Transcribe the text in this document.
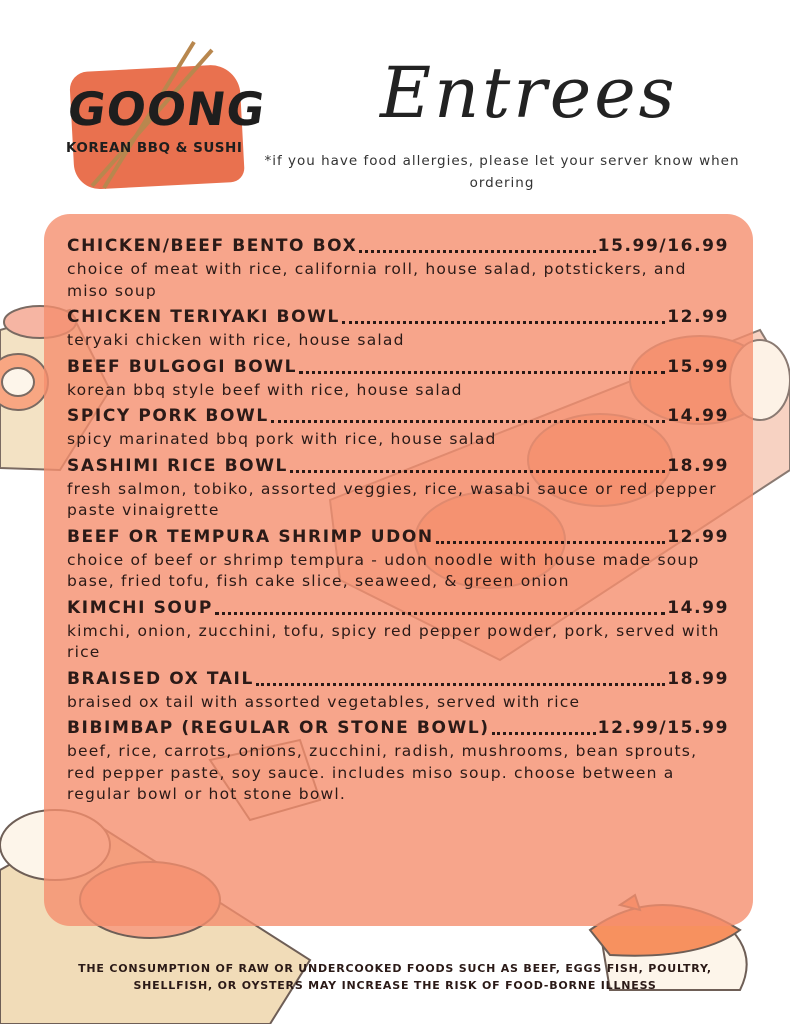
GOONG
KOREAN BBQ & SUSHI
Entrees
*if you have food allergies, please let your server know when ordering
CHICKEN/BEEF BENTO BOX	15.99/16.99
choice of meat with rice, california roll, house salad, potstickers, and miso soup
CHICKEN TERIYAKI BOWL	12.99
teryaki chicken with rice, house salad
BEEF BULGOGI BOWL	15.99
korean bbq style beef with rice, house salad
SPICY PORK BOWL	14.99
spicy marinated bbq pork with rice, house salad
SASHIMI RICE BOWL	18.99
fresh salmon, tobiko, assorted veggies, rice, wasabi sauce or red pepper paste vinaigrette
BEEF OR TEMPURA SHRIMP UDON	12.99
choice of beef or shrimp tempura - udon noodle with house made soup base, fried tofu, fish cake slice, seaweed, & green onion
KIMCHI SOUP	14.99
kimchi, onion, zucchini, tofu, spicy red pepper powder, pork, served with rice
BRAISED OX TAIL	18.99
braised ox tail with assorted vegetables, served with rice
BIBIMBAP (REGULAR OR STONE BOWL)	12.99/15.99
beef, rice, carrots, onions, zucchini, radish, mushrooms, bean sprouts, red pepper paste, soy sauce. includes miso soup. choose between a regular bowl or hot stone bowl.
THE CONSUMPTION OF RAW OR UNDERCOOKED FOODS SUCH AS BEEF, EGGS FISH, POULTRY, SHELLFISH, OR OYSTERS MAY INCREASE THE RISK OF FOOD-BORNE ILLNESS
